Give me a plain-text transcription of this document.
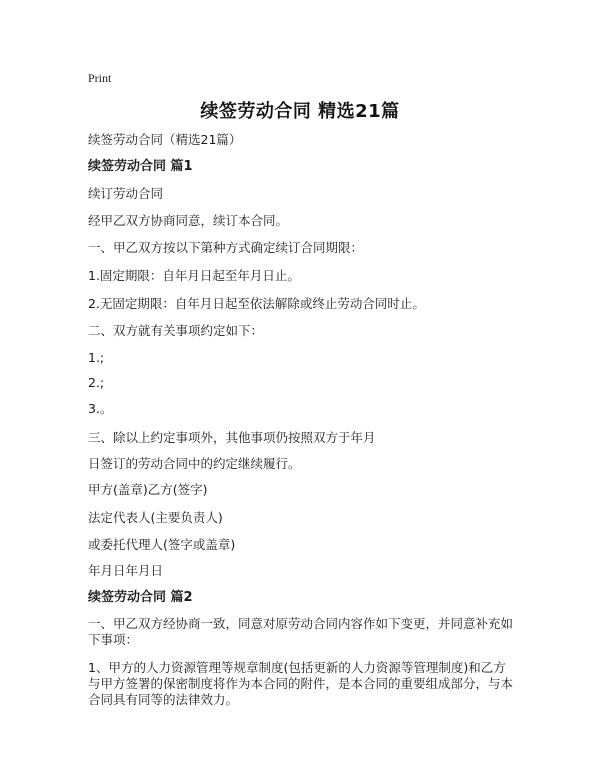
Print
续签劳动合同 精选21篇
续签劳动合同（精选21篇）
续签劳动合同 篇1
续订劳动合同
经甲乙双方协商同意，续订本合同。
一、甲乙双方按以下第种方式确定续订合同期限：
1.固定期限：自年月日起至年月日止。
2.无固定期限：自年月日起至依法解除或终止劳动合同时止。
二、双方就有关事项约定如下：
1.;
2.;
3.。
三、除以上约定事项外，其他事项仍按照双方于年月
日签订的劳动合同中的约定继续履行。
甲方(盖章)乙方(签字)
法定代表人(主要负责人)
或委托代理人(签字或盖章)
年月日年月日
续签劳动合同 篇2
一、甲乙双方经协商一致，同意对原劳动合同内容作如下变更，并同意补充如下事项：
1、甲方的人力资源管理等规章制度(包括更新的人力资源等管理制度)和乙方与甲方签署的保密制度将作为本合同的附件，是本合同的重要组成部分，与本合同具有同等的法律效力。
